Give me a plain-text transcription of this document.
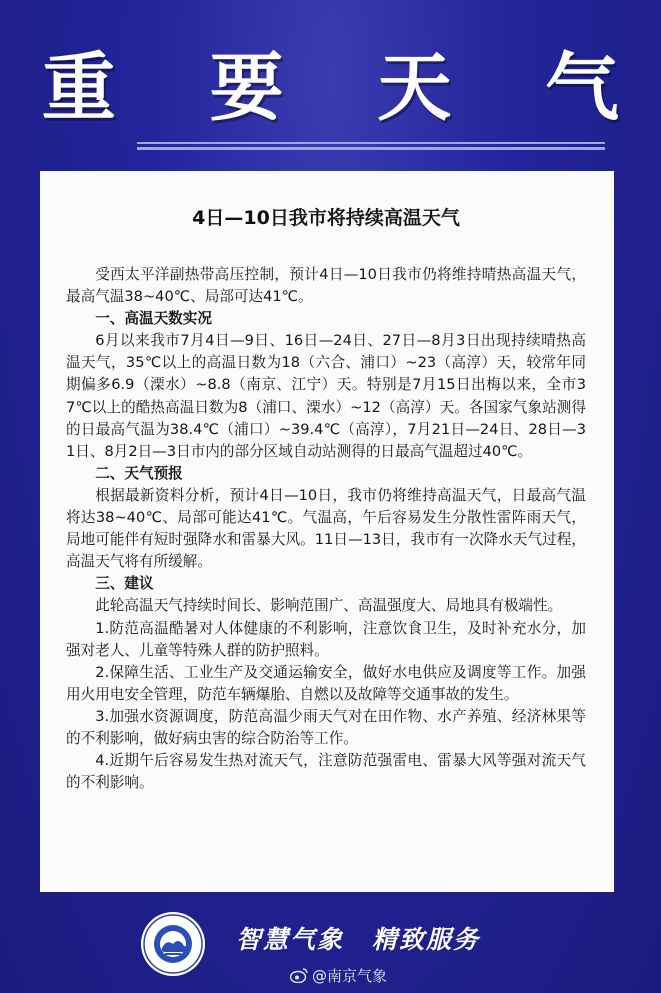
重 要 天 气
4日—10日我市将持续高温天气

受西太平洋副热带高压控制，预计4日—10日我市仍将维持晴热高温天气，最高气温38~40℃、局部可达41℃。

一、高温天数实况

6月以来我市7月4日—9日、16日—24日、27日—8月3日出现持续晴热高温天气，35℃以上的高温日数为18（六合、浦口）~23（高淳）天，较常年同期偏多6.9（溧水）~8.8（南京、江宁）天。特别是7月15日出梅以来，全市37℃以上的酷热高温日数为8（浦口、溧水）~12（高淳）天。各国家气象站测得的日最高气温为38.4℃（浦口）~39.4℃（高淳），7月21日—24日、28日—31日、8月2日—3日市内的部分区域自动站测得的日最高气温超过40℃。

二、天气预报

根据最新资料分析，预计4日—10日，我市仍将维持高温天气，日最高气温将达38~40℃、局部可能达41℃。气温高，午后容易发生分散性雷阵雨天气，局地可能伴有短时强降水和雷暴大风。11日—13日，我市有一次降水天气过程，高温天气将有所缓解。

三、建议

此轮高温天气持续时间长、影响范围广、高温强度大、局地具有极端性。

1.防范高温酷暑对人体健康的不利影响，注意饮食卫生，及时补充水分，加强对老人、儿童等特殊人群的防护照料。

2.保障生活、工业生产及交通运输安全，做好水电供应及调度等工作。加强用火用电安全管理，防范车辆爆胎、自燃以及故障等交通事故的发生。

3.加强水资源调度，防范高温少雨天气对在田作物、水产养殖、经济林果等的不利影响，做好病虫害的综合防治等工作。

4.近期午后容易发生热对流天气，注意防范强雷电、雷暴大风等强对流天气的不利影响。

智慧气象 精致服务
@南京气象
